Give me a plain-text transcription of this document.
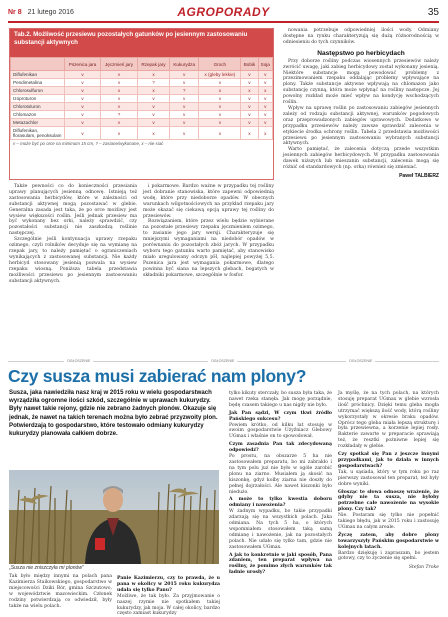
Nr 8 21 lutego 2016	AGROPORADY	35
Tab.2. Możliwość przesiewu pozostałych gatunków po jesiennym zastosowaniu substancji aktywnych
	Pszenica jara	Jęczmień jary	Rzepak jary	Kukurydza	Groch	Bobik	Soja
Diflufenikan	v	v	x	v	x (gleby lekkie)	v	v
Pendimetalina	v	v	?	v	v	v	v
Chlorosulfuron	v	x	x	?	x	x	x
Izoproturon	v	v	v	v	v	v	v
Chlorotoluron	v	v	v	v	v	v	v
Chlomazon	v	?	v	v	v	v	v
Metazachlor	v	v	v	v	v	v	v
Diflufenikan, florasulam, penoksulam	v	v	x	v	x	x	x
v – może być po orce na minimum 15 cm, ? – zasiane/wykonane, x – nie siać

Także pewności co do konieczności przesiania uprawy planujących jesienną odnowę. Istnieją też zastosowania herbicydów, które w zależności od substancji aktywnej mogą pozostawać w glebie. Generalna zasada jest taka, że po orce możliwy jest wysiew większości roślin. Jeśli jednak przesiew ma być wykonany bez orki, należy sprawdzić, czy pozostałości substancji nie zaszkodzą roślinie następczej.

Szczególnie jeśli kontynuacja uprawy rzepaku ozimego, czyli rolników decyduje się na wymianę na rzepak jary, to należy pamiętać o ograniczeniach wynikających z zastosowanej substancji. Nie każdy herbicyd stosowany jesienią pozwala na wysiew rzepaku wiosną. Poniższa tabela przedstawia możliwości przesiewu po jesiennym zastosowaniu substancji aktywnych.

i pokarmowe. Bardzo ważne w przypadku tej rośliny jest dobranie stanowiska, które zapewni odpowiednią wodę, które przy niedoborze opadów. W obecnych warunkach wilgotnościowych na przykład rzepaku jary może okazać się ciekawą opcją uprawy tej rośliny do przesiewów.

Rozwiązaniem, które przez wielu będzie wybierane na pozostałe przesiewy rzepaku jęczmieniem ozimego, to zasianie jego jary wersji. Charakteryzuje się mniejszymi wymaganiami na niedobór opadów w porównaniu do pozostałych zbóż jarych. W przypadku wyboru tego gatunku warto pamiętać, aby stanowisko miało uregulowany odczyn pH, najlepiej powyżej 5,5. Pszenica jara jest wymagania pokarmowe, dlatego powinna być siana na lepszych glebach, bogatych w składniki pokarmowe, szczególnie w fosfor.

nowania potrzebuje odpowiedniej ilości wody. Odmiany dostępne na rynku charakteryzują się dużą różnorodnością w odniesieniu do tych czynników.

Następstwo po herbicydach

Przy doborze rośliny podczas wiosennych przesiewów należy zwrócić uwagę, jaki zabieg herbicydowy został wykonany jesienią. Niektóre substancje mogą powodować problemy z przezimowaniem rzepaku oddalając problemy wpływające na plony. Także substancje aktywne wpływają na chlomazon jako substancję czynną, która może wpłynąć na rośliny następcze. Jej powolny rozkład może mieć wpływ na kondycję wschodzących roślin.

Wpływ na uprawę roślin po zastosowaniu zabiegów jesiennych zależy od rodzaju substancji aktywnej, warunków pogodowych oraz przeprowadzonych zabiegów uprawowych. Dodatkowo w przypadku przesiewów należy zawsze sprawdzić zalecenia w etykiecie środka ochrony roślin. Tabela 2 przedstawia możliwości przesiewu po jesiennym zastosowaniu wybranych substancji aktywnych.

Warto pamiętać, że zalecenia dotyczą przede wszystkim jesiennych zabiegów herbicydowych. W przypadku zastosowania dawek niższych lub mieszanin substancji, zalecenia mogą się różnić od standardowych (np. orka) również się zmieniać.

Paweł TALBIERZ
OGŁOSZENIE	OGŁOSZENIE	OGŁOSZENIE
Czy susza musi zabierać nam plony?
Susza, jaka nawiedziła nasz kraj w 2015 roku w wielu gospodarstwach wyrządziła ogromne ilości szkód, szczególnie w uprawach kukurydzy. Były nawet takie rejony, gdzie nie zebrano żadnych plonów. Okazuje się jednak, że nawet na takich terenach można było zebrać przyzwoity plon. Potwierdzają to gospodarstwo, które testowało odmiany kukurydzy kukurydzy planowała całkiem dobrze.
„Susza nie zniszczyła mi plonów”

Tak było między innymi na polach pana Kazimierza Staikowskiego, gospodarstwo w miejscowości Dziki Bór, gmina Szczutowo, w województwie mazowieckim. Członek rodziny potwierdzają co odwiedził, były także na wielu polach.

Panie Kazimierzu, czy to prawda, że u pana w okolicy w 2015 roku kukurydza udała się tylko Panu?

Możliwe, że tak było. Za przyjmowanie o naszej rzymie nie spotkałem takiej kukurydzy, jak moja. W całej okolicy, bardzo często zamiast kukurydzy

tylko kikuty sterczały, bo susza była taka, że nawet rzeka stanęła. Jak mogę porządnie, będę czasem takiego u nas nigdy nie było.

Jak Pan sądzi, W czym tkwi źródło Pańskiego sukcesu?

Powiem krótko, od kilku lat stosuję w swoim gospodarstwie Użyźniacz Glebowy UGmax i właśnie on to spowodował.

Czym zasadnia Pan tak zdecydowaną odpowiedź?

Po prostu, na obszarze 5 ha nie zastosowałem preparatu, bo mi zabrakło i na tym polu już nie było w ogóle zarobić plonu na ziarno. Musiałem ją skosić na kiszonkę, gdyż kolby ziarna nie doszły do pełnej dojrzałości. Ale nawet kiszonki było niedużo.

A może to tylko kwestia doboru odmiany i nawożenia?

W żadnym wypadku, bo takie przypadki zdarzają się na wszystkich polach. Jaka odmiana. Na tych 5 ha, o których wspomniałem stosowałem taką samą odmianę i nawożenie, jak na pozostałych polach. Nie udało się tylko tam, gdzie nie zastosowałem UGmax.

A jak to konkretnie w jaki sposób, Pana zdaniem, ten preparat wpływa na rośliny, że pomimo złych warunków tak ładnie urosły?

Ja myślę, że na tych polach, na których stosuję preparat UGmax w glebie wzrosła ilość próchnicy. Dzięki temu gleba mogła utrzymać większą ilość wody, którą rośliny wykorzystały w okresie braku opadów. Oprócz tego gleba miała lepszą strukturę i była przewiewna, a korzenie lepiej rosły. Bakterie zawarte w preparacie sprawiają też, że resztki pożniwne lepiej się rozkładały w glebie.

Czy spotkał się Pan z jeszcze innymi przypadkami, jak to działa w innych gospodarstwach?

Tak, u sąsiada, który w tym roku po raz pierwszy zastosował ten preparat, też były dobre wyniki.

Głosząc te słowa odnoszę wrażenie, że gdyby nie ta susza, nie byłoby potrzebne całe nawożenie na wysokie plony. Czy tak?

Nie. Postaram się tylko nie popełnić takiego błędu, jak w 2015 roku i zastosuję UGmax na całym areale.

Życzę zatem, aby dobre plony towarzyszyły Pańskim gospodarstwie w kolejnych latach.

Bardzo dziękuję i zapraszam, bo jestem gotowy, czy to życzenie się spełni.

Stefan Troke
